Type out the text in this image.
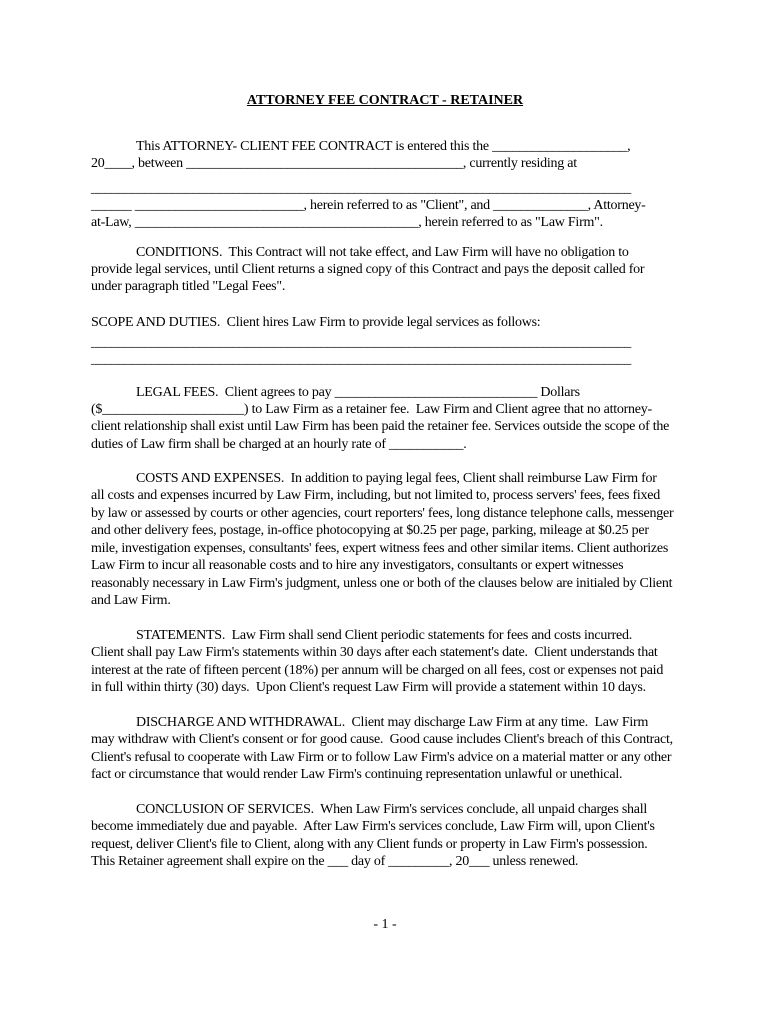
ATTORNEY FEE CONTRACT - RETAINER
This ATTORNEY- CLIENT FEE CONTRACT is entered this the ____________________,
20____, between _________________________________________, currently residing at
________________________________________________________________________________
______ _________________________, herein referred to as "Client", and ______________, Attorney-
at-Law, __________________________________________, herein referred to as "Law Firm".
CONDITIONS.  This Contract will not take effect, and Law Firm will have no obligation to
provide legal services, until Client returns a signed copy of this Contract and pays the deposit called for
under paragraph titled "Legal Fees".
SCOPE AND DUTIES.  Client hires Law Firm to provide legal services as follows:
________________________________________________________________________________
________________________________________________________________________________
LEGAL FEES.  Client agrees to pay ______________________________ Dollars
($_____________________) to Law Firm as a retainer fee.  Law Firm and Client agree that no attorney-
client relationship shall exist until Law Firm has been paid the retainer fee. Services outside the scope of the
duties of Law firm shall be charged at an hourly rate of ___________.
COSTS AND EXPENSES.  In addition to paying legal fees, Client shall reimburse Law Firm for
all costs and expenses incurred by Law Firm, including, but not limited to, process servers' fees, fees fixed
by law or assessed by courts or other agencies, court reporters' fees, long distance telephone calls, messenger
and other delivery fees, postage, in-office photocopying at $0.25 per page, parking, mileage at $0.25 per
mile, investigation expenses, consultants' fees, expert witness fees and other similar items. Client authorizes
Law Firm to incur all reasonable costs and to hire any investigators, consultants or expert witnesses
reasonably necessary in Law Firm's judgment, unless one or both of the clauses below are initialed by Client
and Law Firm.
STATEMENTS.  Law Firm shall send Client periodic statements for fees and costs incurred.
Client shall pay Law Firm's statements within 30 days after each statement's date.  Client understands that
interest at the rate of fifteen percent (18%) per annum will be charged on all fees, cost or expenses not paid
in full within thirty (30) days.  Upon Client's request Law Firm will provide a statement within 10 days.
DISCHARGE AND WITHDRAWAL.  Client may discharge Law Firm at any time.  Law Firm
may withdraw with Client's consent or for good cause.  Good cause includes Client's breach of this Contract,
Client's refusal to cooperate with Law Firm or to follow Law Firm's advice on a material matter or any other
fact or circumstance that would render Law Firm's continuing representation unlawful or unethical.
CONCLUSION OF SERVICES.  When Law Firm's services conclude, all unpaid charges shall
become immediately due and payable.  After Law Firm's services conclude, Law Firm will, upon Client's
request, deliver Client's file to Client, along with any Client funds or property in Law Firm's possession.
This Retainer agreement shall expire on the ___ day of _________, 20___ unless renewed.
- 1 -
